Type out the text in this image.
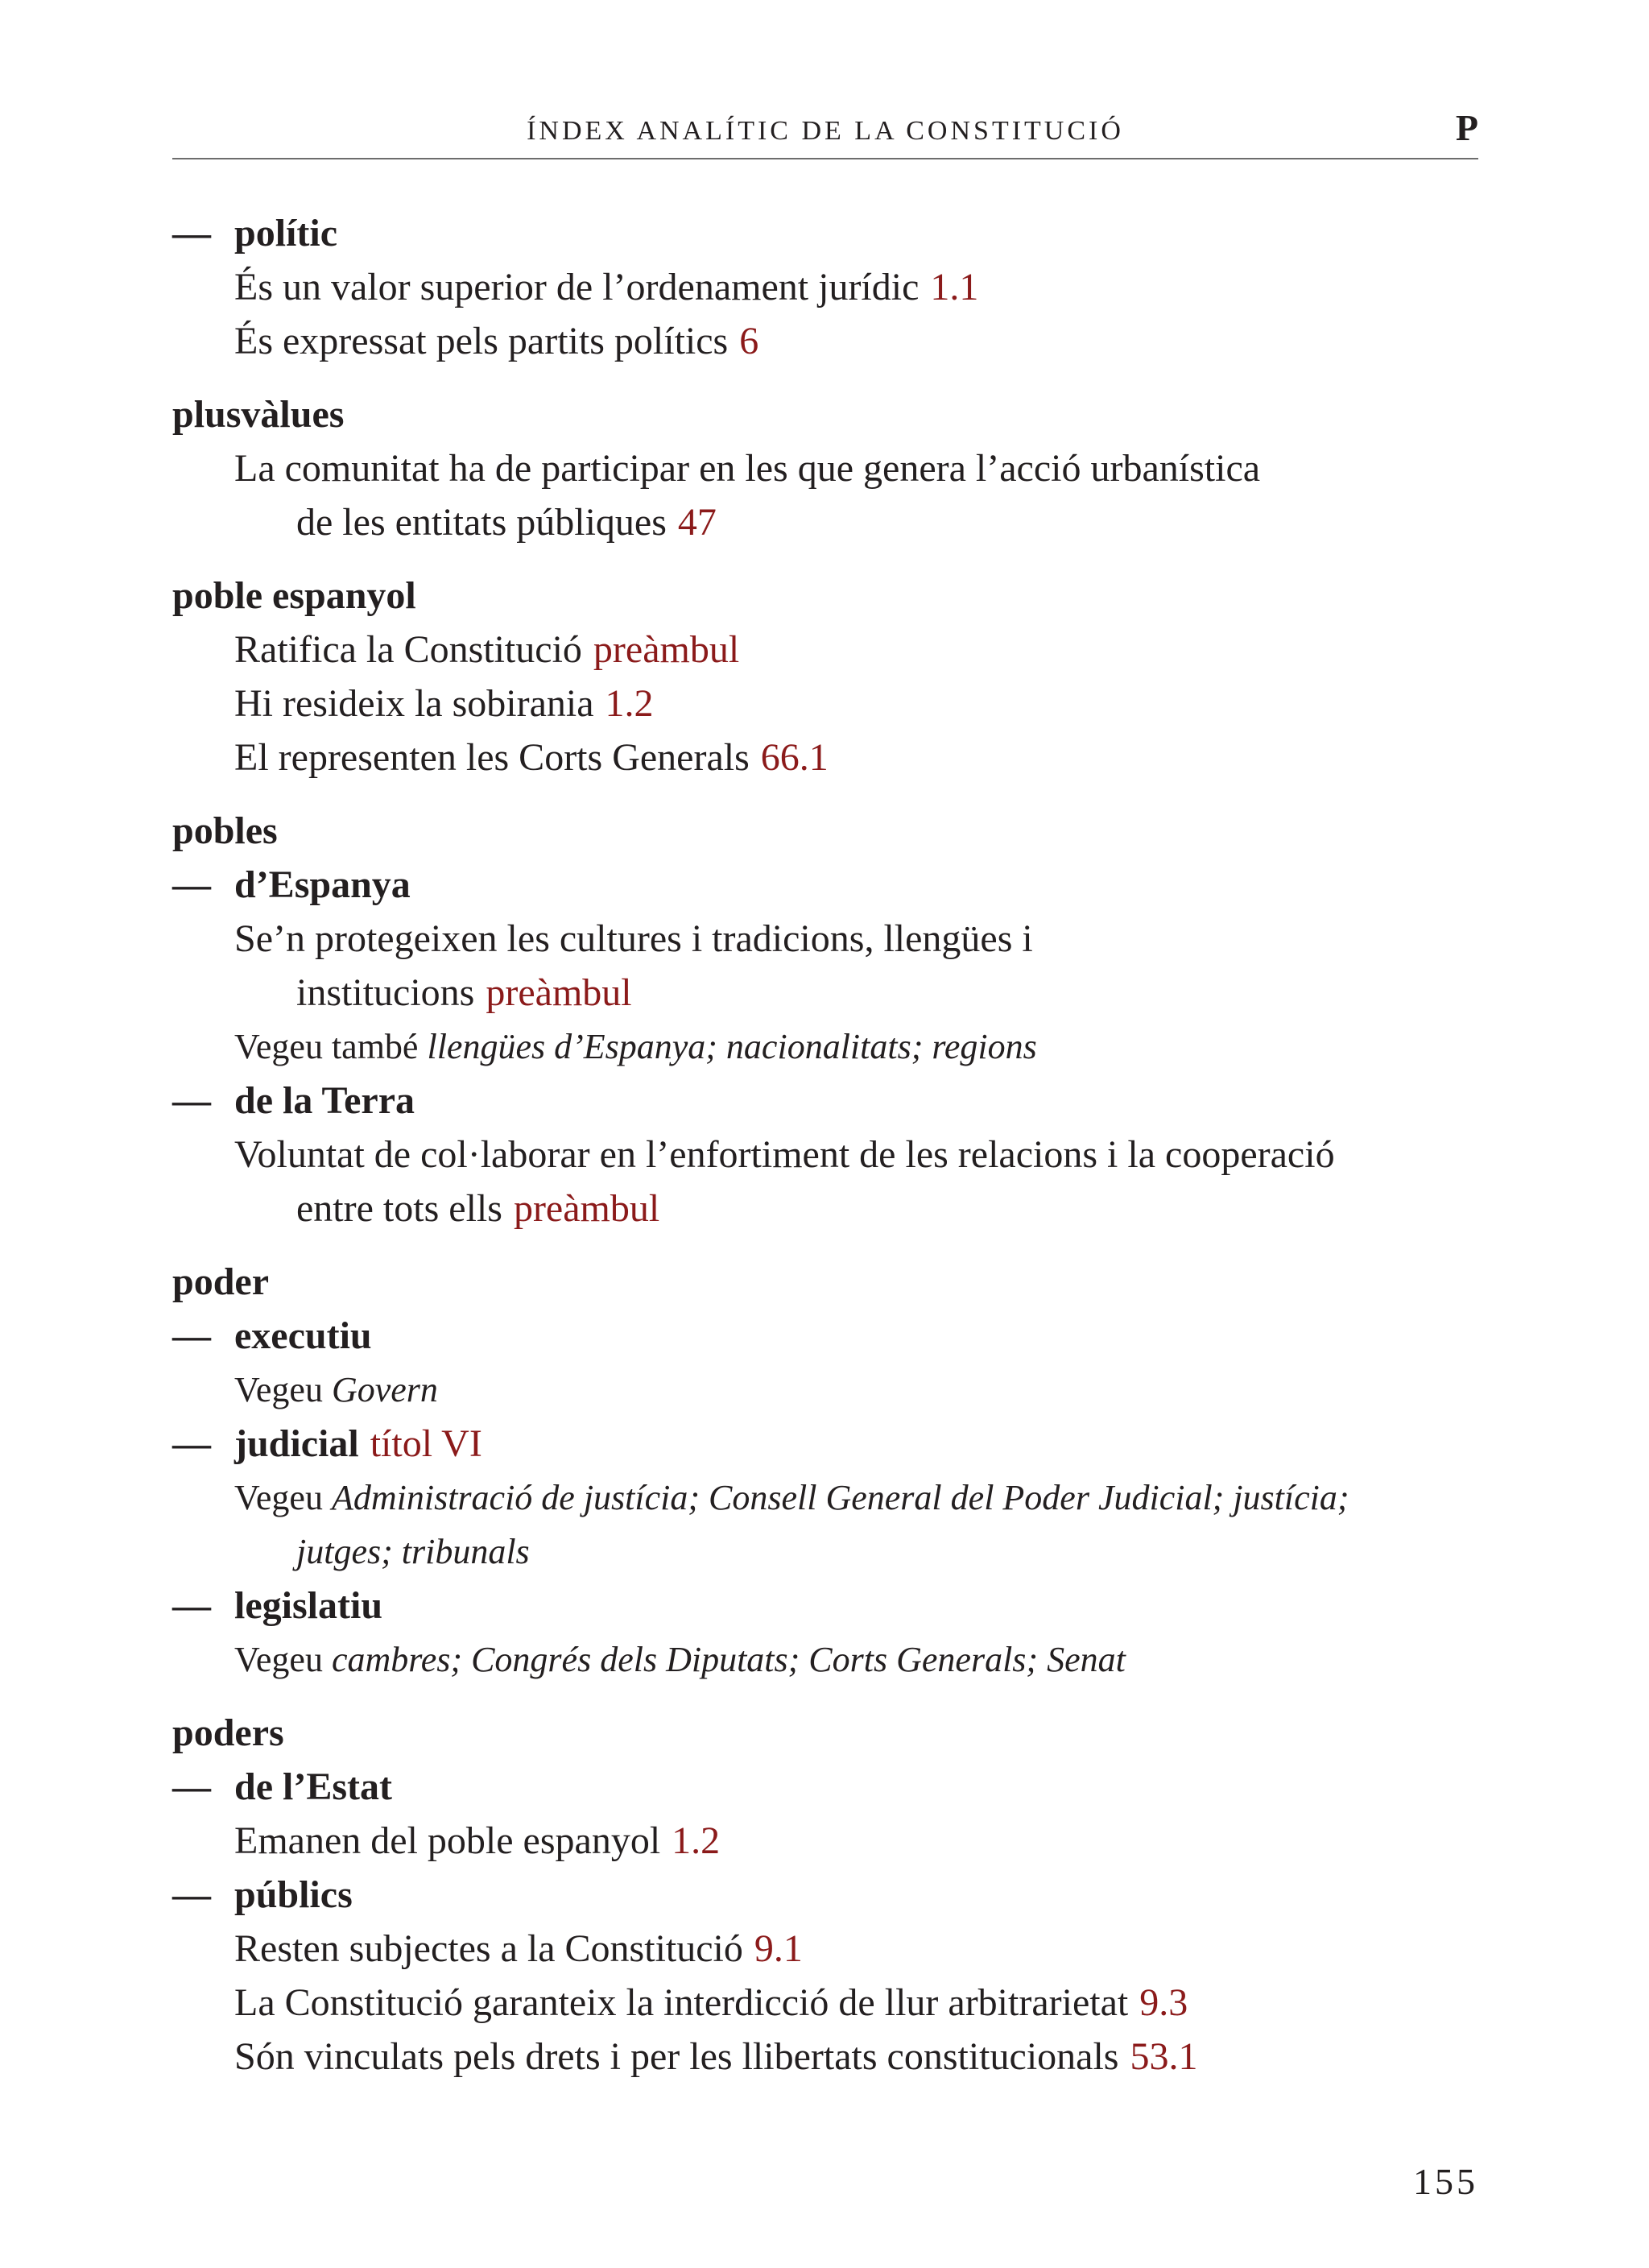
ÍNDEX ANALÍTIC DE LA CONSTITUCIÓ	P
— polític
És un valor superior de l’ordenament jurídic 1.1
És expressat pels partits polítics 6
plusvàlues
La comunitat ha de participar en les que genera l’acció urbanística
de les entitats públiques 47
poble espanyol
Ratifica la Constitució preàmbul
Hi resideix la sobirania 1.2
El representen les Corts Generals 66.1
pobles
— d’Espanya
Se’n protegeixen les cultures i tradicions, llengües i
institucions preàmbul
Vegeu també llengües d’Espanya; nacionalitats; regions
— de la Terra
Voluntat de col·laborar en l’enfortiment de les relacions i la cooperació
entre tots ells preàmbul
poder
— executiu
Vegeu Govern
— judicial títol VI
Vegeu Administració de justícia; Consell General del Poder Judicial; justícia;
jutges; tribunals
— legislatiu
Vegeu cambres; Congrés dels Diputats; Corts Generals; Senat
poders
— de l’Estat
Emanen del poble espanyol 1.2
— públics
Resten subjectes a la Constitució 9.1
La Constitució garanteix la interdicció de llur arbitrarietat 9.3
Són vinculats pels drets i per les llibertats constitucionals 53.1
155
